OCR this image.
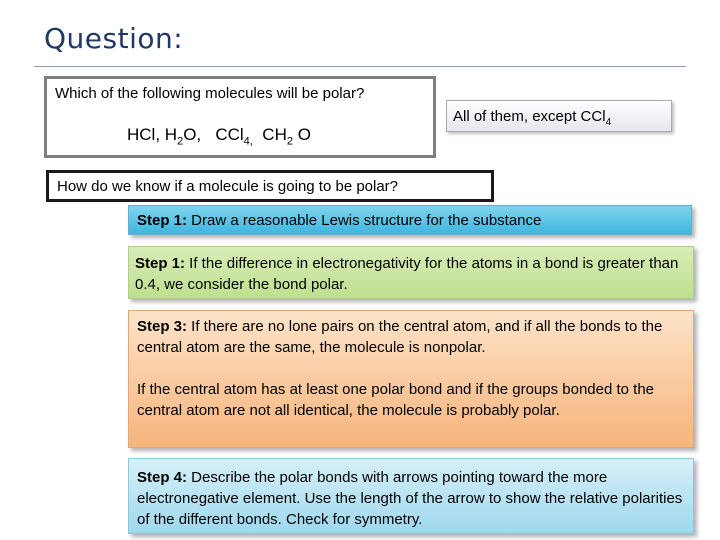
Question:
Which of the following molecules will be polar?
HCl, $H_2O$, CCl$_{4,}$ $CH_2$ O
All of them, except CCl$_4$
How do we know if a molecule is going to be polar?
Step 1: Draw a reasonable Lewis structure for the substance
Step 1: If the difference in electronegativity for the atoms in a bond is greater than 0.4, we consider the bond polar.

Step 3: If there are no lone pairs on the central atom, and if all the bonds to the central atom are the same, the molecule is nonpolar.

If the central atom has at least one polar bond and if the groups bonded to the central atom are not all identical, the molecule is probably polar.

Step 4: Describe the polar bonds with arrows pointing toward the more electronegative element. Use the length of the arrow to show the relative polarities of the different bonds. Check for symmetry.
